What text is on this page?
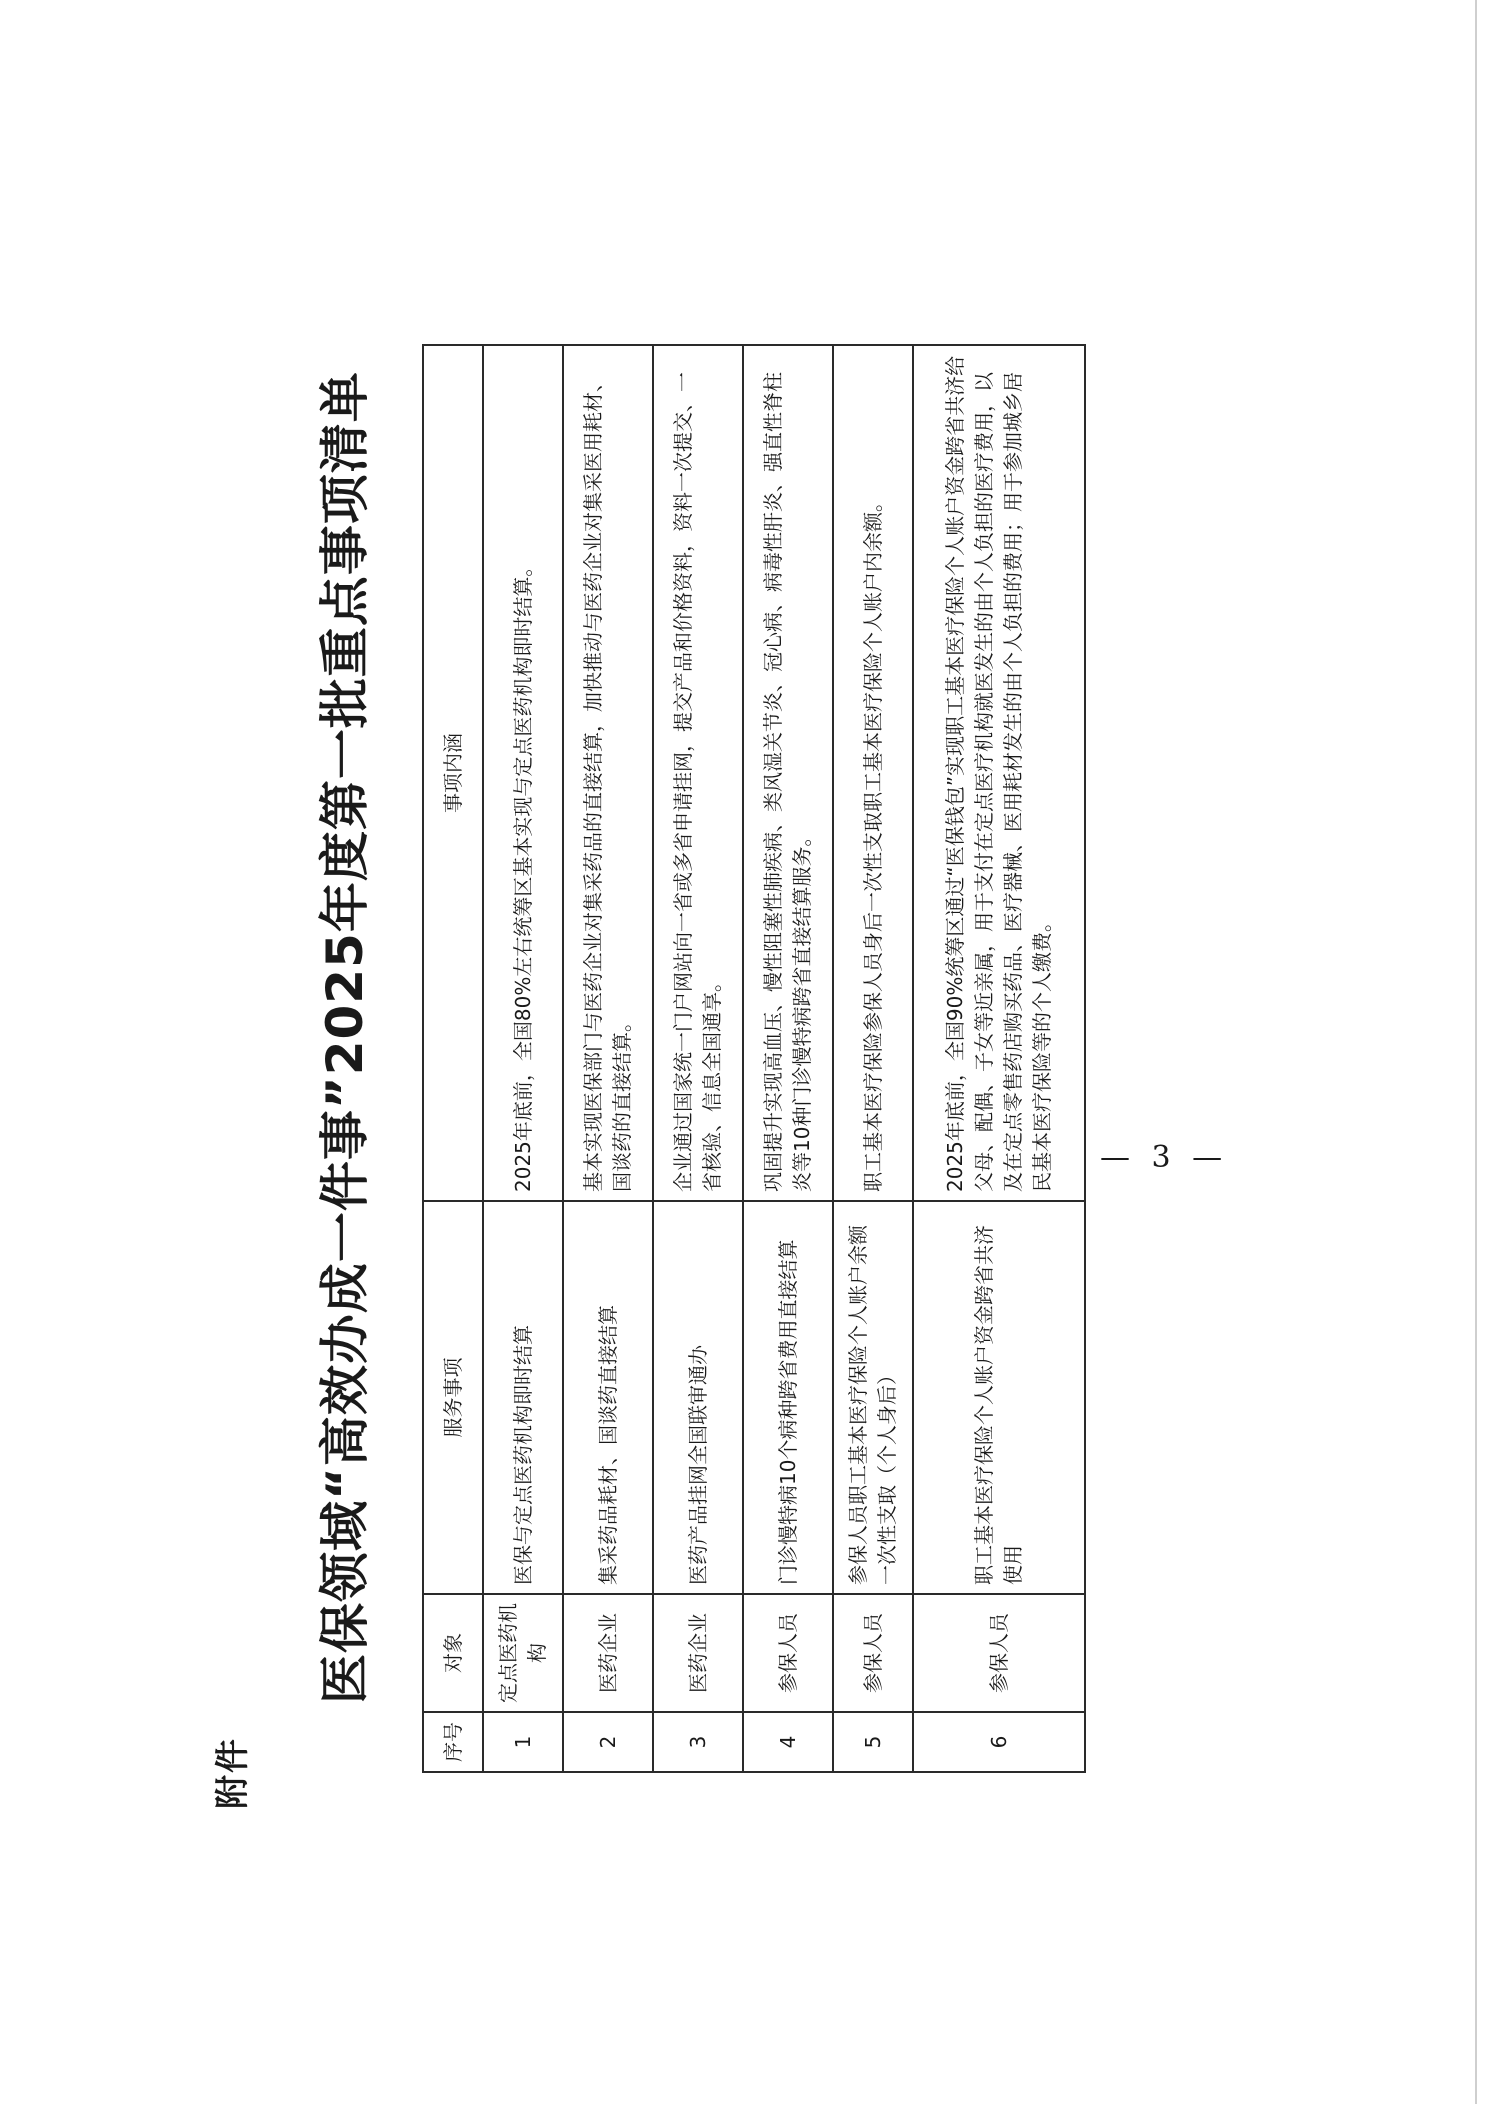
附件
医保领域“高效办成一件事”2025年度第一批重点事项清单
序号	对象	服务事项	事项内涵
1	定点医药机构	医保与定点医药机构即时结算	2025年底前，全国80%左右统筹区基本实现与定点医药机构即时结算。
2	医药企业	集采药品耗材、国谈药直接结算	基本实现医保部门与医药企业对集采药品的直接结算，加快推动与医药企业对集采医用耗材、国谈药的直接结算。
3	医药企业	医药产品挂网全国联审通办	企业通过国家统一门户网站向一省或多省申请挂网，提交产品和价格资料，资料一次提交、一省核验、信息全国通享。
4	参保人员	门诊慢特病10个病种跨省费用直接结算	巩固提升实现高血压、慢性阻塞性肺疾病、类风湿关节炎、冠心病、病毒性肝炎、强直性脊柱炎等10种门诊慢特病跨省直接结算服务。
5	参保人员	参保人员职工基本医疗保险个人账户余额一次性支取（个人身后）	职工基本医疗保险参保人员身后一次性支取职工基本医疗保险个人账户内余额。
6	参保人员	职工基本医疗保险个人账户资金跨省共济使用	2025年底前，全国90%统筹区通过“医保钱包”实现职工基本医疗保险个人账户资金跨省共济给父母、配偶、子女等近亲属，用于支付在定点医疗机构就医发生的由个人负担的医疗费用，以及在定点零售药店购买药品、医疗器械、医用耗材发生的由个人负担的费用；用于参加城乡居民基本医疗保险等的个人缴费。 — 3 —
